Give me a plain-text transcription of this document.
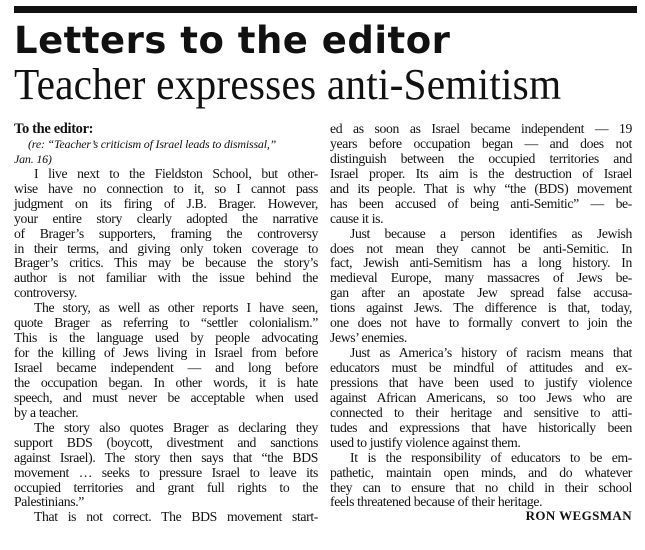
Letters to the editor
Teacher expresses anti-Semitism
To the editor:
(re: “Teacher’s criticism of Israel leads to dismissal,”
Jan. 16)
I live next to the Fieldston School, but other-
wise have no connection to it, so I cannot pass
judgment on its firing of J.B. Brager. However,
your entire story clearly adopted the narrative
of Brager’s supporters, framing the controversy
in their terms, and giving only token coverage to
Brager’s critics. This may be because the story’s
author is not familiar with the issue behind the
controversy.
The story, as well as other reports I have seen,
quote Brager as referring to “settler colonialism.”
This is the language used by people advocating
for the killing of Jews living in Israel from before
Israel became independent — and long before
the occupation began. In other words, it is hate
speech, and must never be acceptable when used
by a teacher.
The story also quotes Brager as declaring they
support BDS (boycott, divestment and sanctions
against Israel). The story then says that “the BDS
movement … seeks to pressure Israel to leave its
occupied territories and grant full rights to the
Palestinians.”
That is not correct. The BDS movement start-
ed as soon as Israel became independent — 19
years before occupation began — and does not
distinguish between the occupied territories and
Israel proper. Its aim is the destruction of Israel
and its people. That is why “the (BDS) movement
has been accused of being anti-Semitic” — be-
cause it is.
Just because a person identifies as Jewish
does not mean they cannot be anti-Semitic. In
fact, Jewish anti-Semitism has a long history. In
medieval Europe, many massacres of Jews be-
gan after an apostate Jew spread false accusa-
tions against Jews. The difference is that, today,
one does not have to formally convert to join the
Jews’ enemies.
Just as America’s history of racism means that
educators must be mindful of attitudes and ex-
pressions that have been used to justify violence
against African Americans, so too Jews who are
connected to their heritage and sensitive to atti-
tudes and expressions that have historically been
used to justify violence against them.
It is the responsibility of educators to be em-
pathetic, maintain open minds, and do whatever
they can to ensure that no child in their school
feels threatened because of their heritage.
RON WEGSMAN
